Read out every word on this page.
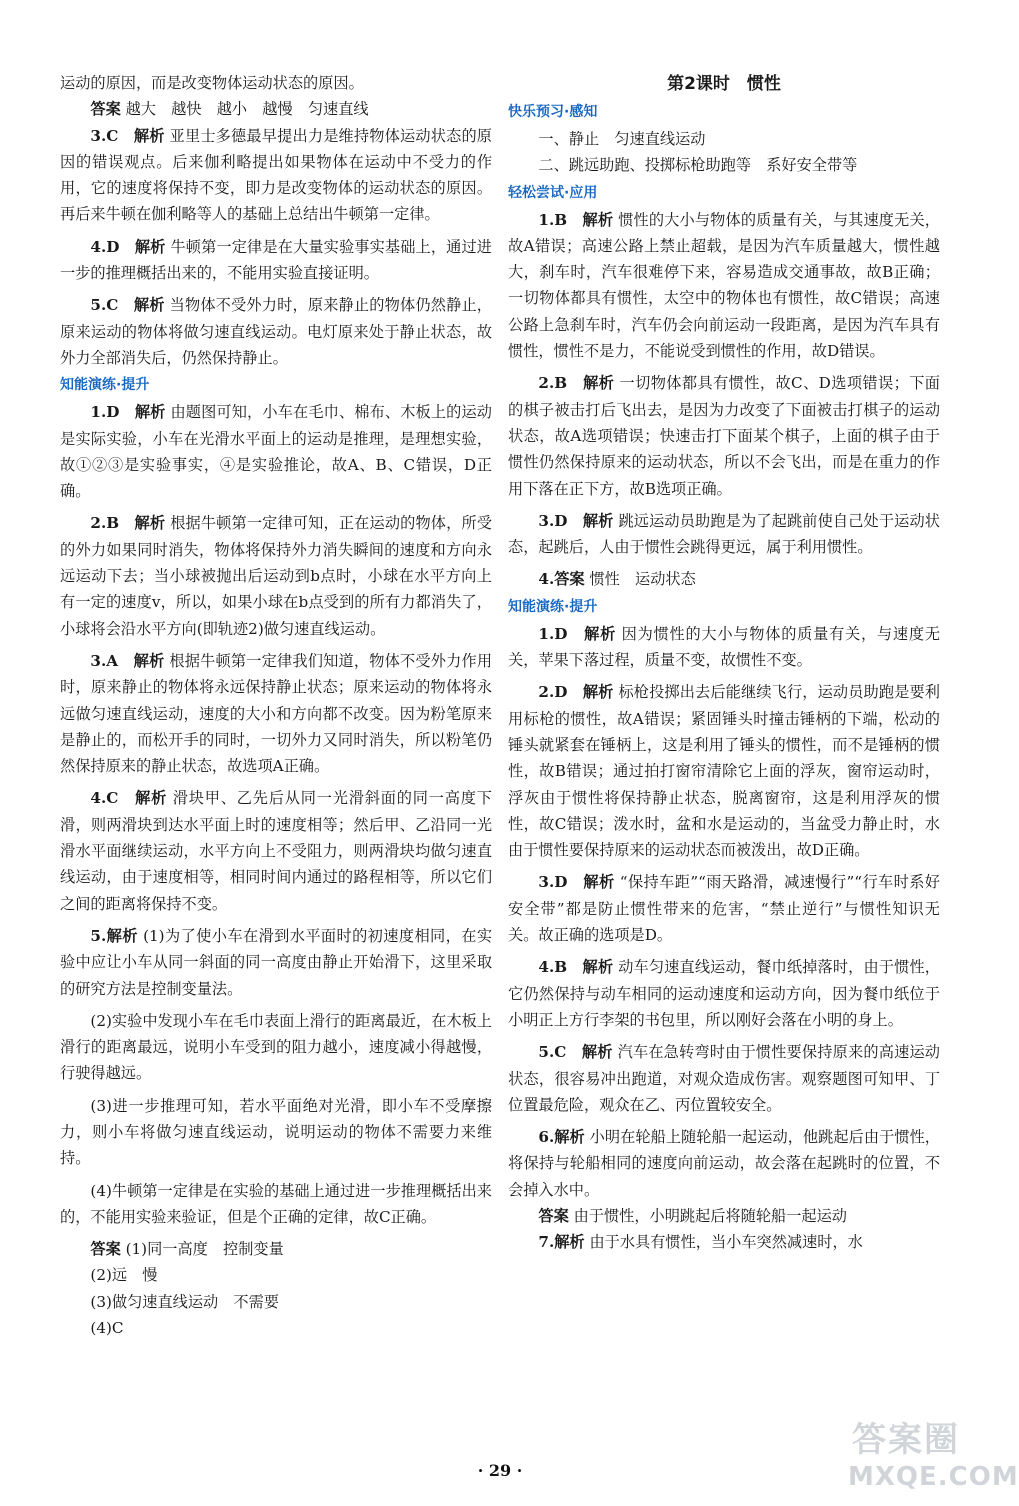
运动的原因，而是改变物体运动状态的原因。

答案 越大　越快　越小　越慢　匀速直线

3.C　解析 亚里士多德最早提出力是维持物体运动状态的原因的错误观点。后来伽利略提出如果物体在运动中不受力的作用，它的速度将保持不变，即力是改变物体的运动状态的原因。再后来牛顿在伽利略等人的基础上总结出牛顿第一定律。

4.D　解析 牛顿第一定律是在大量实验事实基础上，通过进一步的推理概括出来的，不能用实验直接证明。

5.C　解析 当物体不受外力时，原来静止的物体仍然静止，原来运动的物体将做匀速直线运动。电灯原来处于静止状态，故外力全部消失后，仍然保持静止。

知能演练·提升

1.D　解析 由题图可知，小车在毛巾、棉布、木板上的运动是实际实验，小车在光滑水平面上的运动是推理，是理想实验，故①②③是实验事实，④是实验推论，故A、B、C错误，D正确。

2.B　解析 根据牛顿第一定律可知，正在运动的物体，所受的外力如果同时消失，物体将保持外力消失瞬间的速度和方向永远运动下去；当小球被抛出后运动到b点时，小球在水平方向上有一定的速度v，所以，如果小球在b点受到的所有力都消失了，小球将会沿水平方向(即轨迹2)做匀速直线运动。

3.A　解析 根据牛顿第一定律我们知道，物体不受外力作用时，原来静止的物体将永远保持静止状态；原来运动的物体将永远做匀速直线运动，速度的大小和方向都不改变。因为粉笔原来是静止的，而松开手的同时，一切外力又同时消失，所以粉笔仍然保持原来的静止状态，故选项A正确。

4.C　解析 滑块甲、乙先后从同一光滑斜面的同一高度下滑，则两滑块到达水平面上时的速度相等；然后甲、乙沿同一光滑水平面继续运动，水平方向上不受阻力，则两滑块均做匀速直线运动，由于速度相等，相同时间内通过的路程相等，所以它们之间的距离将保持不变。

5.解析 (1)为了使小车在滑到水平面时的初速度相同，在实验中应让小车从同一斜面的同一高度由静止开始滑下，这里采取的研究方法是控制变量法。

(2)实验中发现小车在毛巾表面上滑行的距离最近，在木板上滑行的距离最远，说明小车受到的阻力越小，速度减小得越慢，行驶得越远。

(3)进一步推理可知，若水平面绝对光滑，即小车不受摩擦力，则小车将做匀速直线运动，说明运动的物体不需要力来维持。

(4)牛顿第一定律是在实验的基础上通过进一步推理概括出来的，不能用实验来验证，但是个正确的定律，故C正确。

答案 (1)同一高度　控制变量

(2)远　慢

(3)做匀速直线运动　不需要

(4)C

第2课时　惯性
快乐预习·感知

一、静止　匀速直线运动

二、跳远助跑、投掷标枪助跑等　系好安全带等

轻松尝试·应用

1.B　解析 惯性的大小与物体的质量有关，与其速度无关，故A错误；高速公路上禁止超载，是因为汽车质量越大，惯性越大，刹车时，汽车很难停下来，容易造成交通事故，故B正确；一切物体都具有惯性，太空中的物体也有惯性，故C错误；高速公路上急刹车时，汽车仍会向前运动一段距离，是因为汽车具有惯性，惯性不是力，不能说受到惯性的作用，故D错误。

2.B　解析 一切物体都具有惯性，故C、D选项错误；下面的棋子被击打后飞出去，是因为力改变了下面被击打棋子的运动状态，故A选项错误；快速击打下面某个棋子，上面的棋子由于惯性仍然保持原来的运动状态，所以不会飞出，而是在重力的作用下落在正下方，故B选项正确。

3.D　解析 跳远运动员助跑是为了起跳前使自己处于运动状态，起跳后，人由于惯性会跳得更远，属于利用惯性。

4.答案 惯性　运动状态

知能演练·提升

1.D　解析 因为惯性的大小与物体的质量有关，与速度无关，苹果下落过程，质量不变，故惯性不变。

2.D　解析 标枪投掷出去后能继续飞行，运动员助跑是要利用标枪的惯性，故A错误；紧固锤头时撞击锤柄的下端，松动的锤头就紧套在锤柄上，这是利用了锤头的惯性，而不是锤柄的惯性，故B错误；通过拍打窗帘清除它上面的浮灰，窗帘运动时，浮灰由于惯性将保持静止状态，脱离窗帘，这是利用浮灰的惯性，故C错误；泼水时，盆和水是运动的，当盆受力静止时，水由于惯性要保持原来的运动状态而被泼出，故D正确。

3.D　解析 “保持车距”“雨天路滑，减速慢行”“行车时系好安全带”都是防止惯性带来的危害，“禁止逆行”与惯性知识无关。故正确的选项是D。

4.B　解析 动车匀速直线运动，餐巾纸掉落时，由于惯性，它仍然保持与动车相同的运动速度和运动方向，因为餐巾纸位于小明正上方行李架的书包里，所以刚好会落在小明的身上。

5.C　解析 汽车在急转弯时由于惯性要保持原来的高速运动状态，很容易冲出跑道，对观众造成伤害。观察题图可知甲、丁位置最危险，观众在乙、丙位置较安全。

6.解析 小明在轮船上随轮船一起运动，他跳起后由于惯性，将保持与轮船相同的速度向前运动，故会落在起跳时的位置，不会掉入水中。

答案 由于惯性，小明跳起后将随轮船一起运动

7.解析 由于水具有惯性，当小车突然减速时，水

· 29 ·
答案圈
MXQE.COM
